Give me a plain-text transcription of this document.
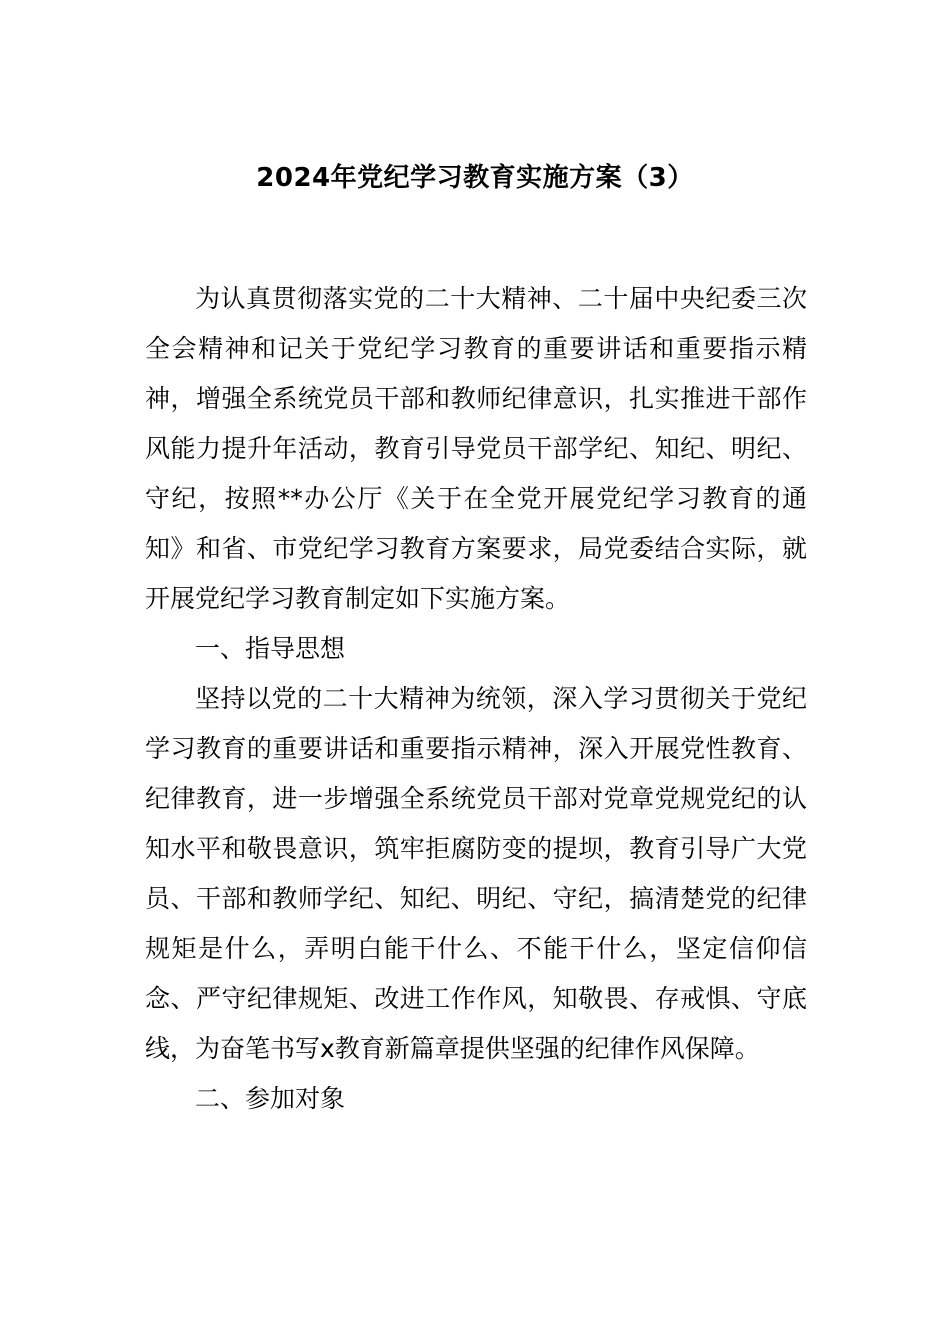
2024年党纪学习教育实施方案（3）

为认真贯彻落实党的二十大精神、二十届中央纪委三次全会精神和记关于党纪学习教育的重要讲话和重要指示精神，增强全系统党员干部和教师纪律意识，扎实推进干部作风能力提升年活动，教育引导党员干部学纪、知纪、明纪、守纪，按照**办公厅《关于在全党开展党纪学习教育的通知》和省、市党纪学习教育方案要求，局党委结合实际，就开展党纪学习教育制定如下实施方案。

一、指导思想

坚持以党的二十大精神为统领，深入学习贯彻关于党纪学习教育的重要讲话和重要指示精神，深入开展党性教育、纪律教育，进一步增强全系统党员干部对党章党规党纪的认知水平和敬畏意识，筑牢拒腐防变的提坝，教育引导广大党员、干部和教师学纪、知纪、明纪、守纪，搞清楚党的纪律规矩是什么，弄明白能干什么、不能干什么，坚定信仰信念、严守纪律规矩、改进工作作风，知敬畏、存戒惧、守底线，为奋笔书写x教育新篇章提供坚强的纪律作风保障。

二、参加对象
